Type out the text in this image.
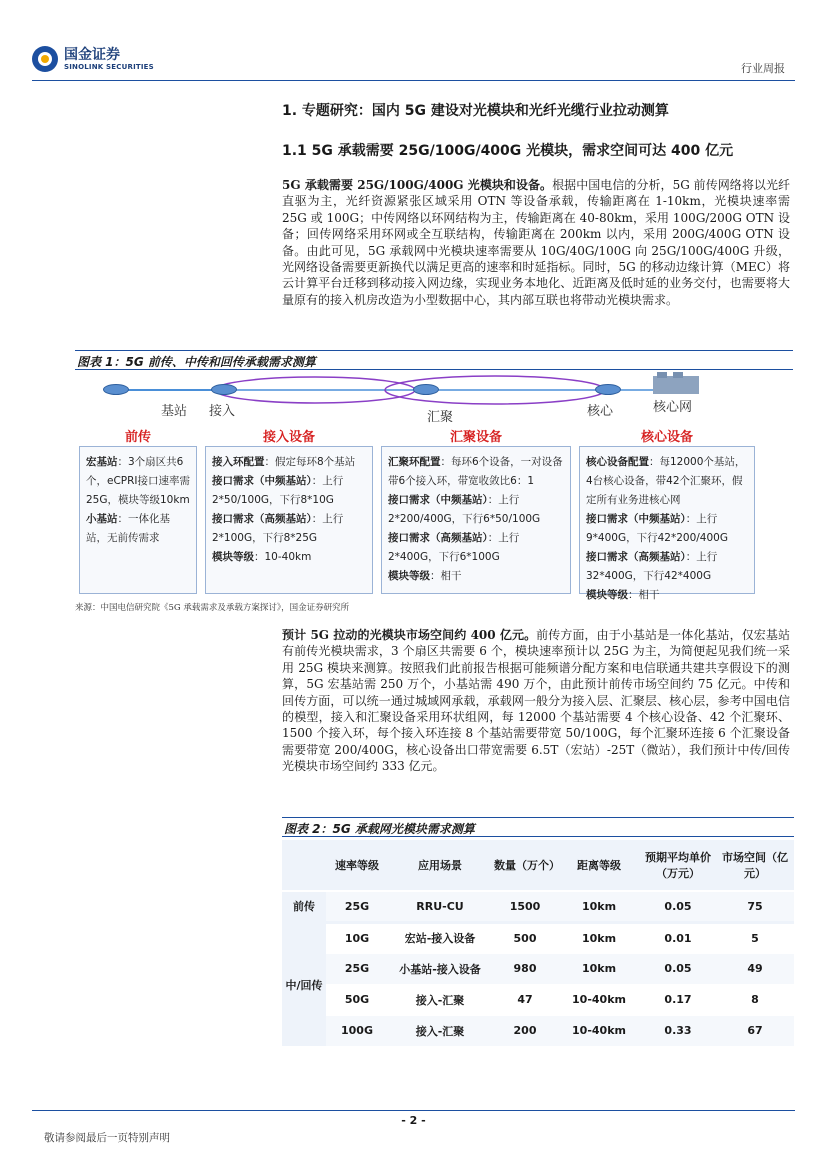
国金证券
SINOLINK SECURITIES	行业周报
1. 专题研究：国内 5G 建设对光模块和光纤光缆行业拉动测算
1.1 5G 承载需要 25G/100G/400G 光模块，需求空间可达 400 亿元
5G 承载需要 25G/100G/400G 光模块和设备。根据中国电信的分析，5G 前传网络将以光纤直驱为主，光纤资源紧张区域采用 OTN 等设备承载，传输距离在 1-10km，光模块速率需 25G 或 100G；中传网络以环网结构为主，传输距离在 40-80km，采用 100G/200G OTN 设备；回传网络采用环网或全互联结构，传输距离在 200km 以内，采用 200G/400G OTN 设备。由此可见，5G 承载网中光模块速率需要从 10G/40G/100G 向 25G/100G/400G 升级，光网络设备需要更新换代以满足更高的速率和时延指标。同时，5G 的移动边缘计算（MEC）将云计算平台迁移到移动接入网边缘，实现业务本地化、近距离及低时延的业务交付，也需要将大量原有的接入机房改造为小型数据中心，其内部互联也将带动光模块需求。
图表 1：5G 前传、中传和回传承载需求测算
基站 接入	汇聚	核心	核心网
前传	接入设备	汇聚设备	核心设备
宏基站：3个扇区共6个，eCPRI接口速率需25G，模块等级10km
小基站：一体化基站，无前传需求
接入环配置：假定每环8个基站
接口需求（中频基站）：上行2*50/100G，下行8*10G
接口需求（高频基站）：上行2*100G，下行8*25G
模块等级：10-40km
汇聚环配置：每环6个设备，一对设备带6个接入环，带宽收敛比6：1
接口需求（中频基站）：上行2*200/400G，下行6*50/100G
接口需求（高频基站）：上行2*400G，下行6*100G
模块等级：相干
核心设备配置：每12000个基站，4台核心设备，带42个汇聚环，假定所有业务进核心网
接口需求（中频基站）：上行9*400G，下行42*200/400G
接口需求（高频基站）：上行32*400G，下行42*400G
模块等级：相干
来源：中国电信研究院《5G 承载需求及承载方案探讨》，国金证券研究所
预计 5G 拉动的光模块市场空间约 400 亿元。前传方面，由于小基站是一体化基站，仅宏基站有前传光模块需求，3 个扇区共需要 6 个，模块速率预计以 25G 为主，为简便起见我们统一采用 25G 模块来测算。按照我们此前报告根据可能频谱分配方案和电信联通共建共享假设下的测算，5G 宏基站需 250 万个，小基站需 490 万个，由此预计前传市场空间约 75 亿元。中传和回传方面，可以统一通过城域网承载，承载网一般分为接入层、汇聚层、核心层，参考中国电信的模型，接入和汇聚设备采用环状组网，每 12000 个基站需要 4 个核心设备、42 个汇聚环、1500 个接入环，每个接入环连接 8 个基站需要带宽 50/100G，每个汇聚环连接 6 个汇聚设备需要带宽 200/400G，核心设备出口带宽需要 6.5T（宏站）-25T（微站），我们预计中传/回传光模块市场空间约 333 亿元。
图表 2：5G 承载网光模块需求测算
	速率等级	应用场景	数量（万个）	距离等级	预期平均单价（万元）	市场空间（亿元）
前传	25G	RRU-CU	1500	10km	0.05	75
中/回传	10G	宏站-接入设备	500	10km	0.01	5
	25G	小基站-接入设备	980	10km	0.05	49
	50G	接入-汇聚	47	10-40km	0.17	8
	100G	接入-汇聚	200	10-40km	0.33	67
- 2 -
敬请参阅最后一页特别声明
